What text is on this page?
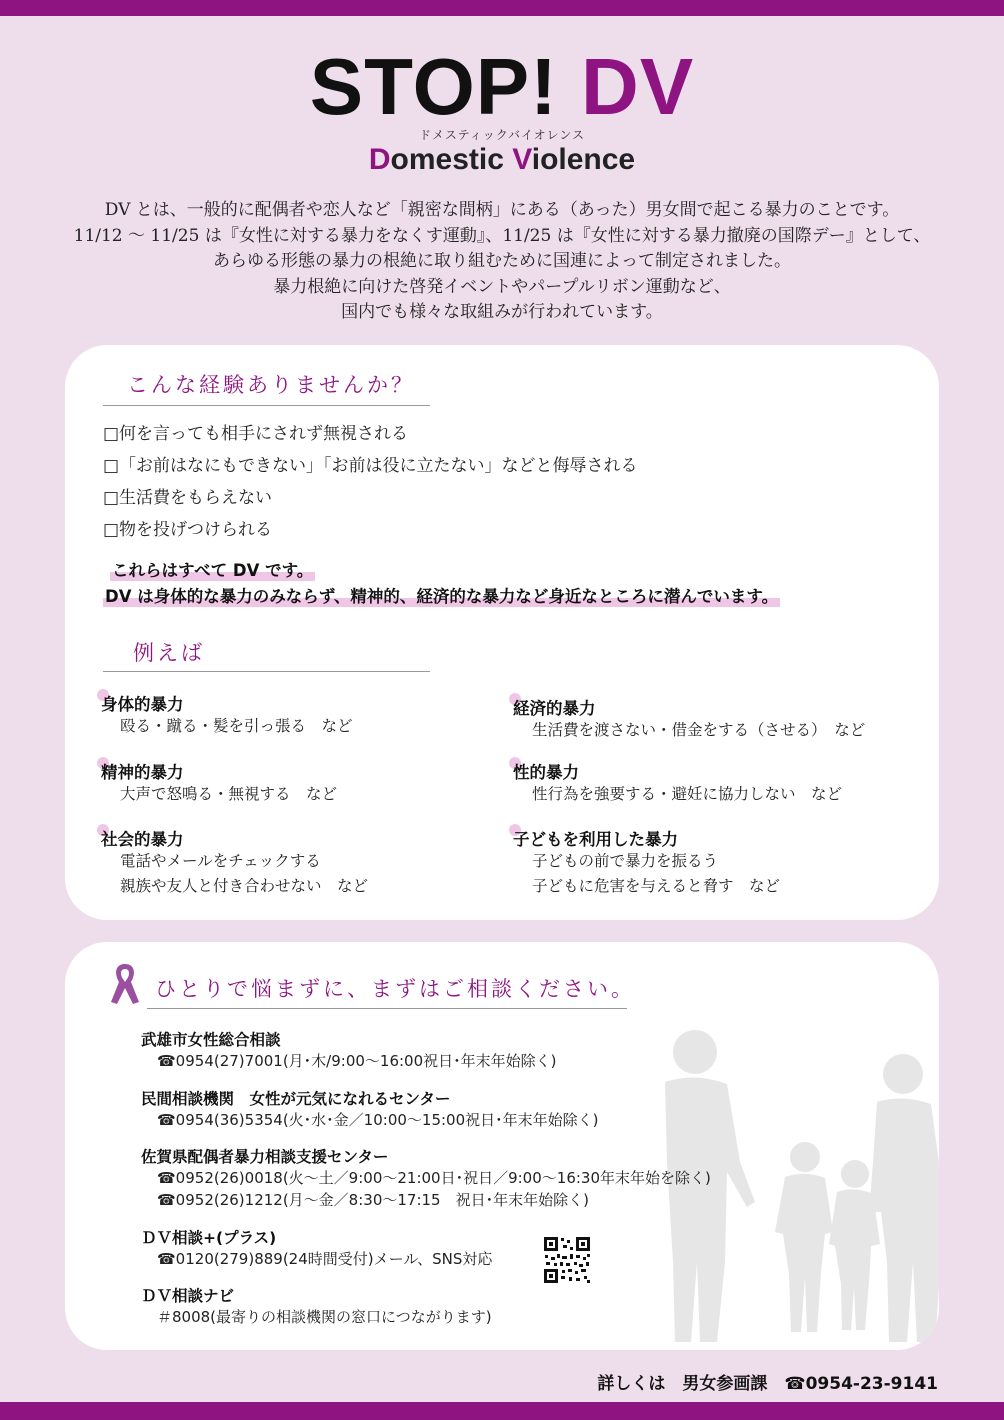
STOP! DV
ドメスティックバイオレンス
Domestic Violence
DV とは、一般的に配偶者や恋人など「親密な間柄」にある（あった）男女間で起こる暴力のことです。
11/12 ～ 11/25 は『女性に対する暴力をなくす運動』、11/25 は『女性に対する暴力撤廃の国際デー』として、
あらゆる形態の暴力の根絶に取り組むために国連によって制定されました。
暴力根絶に向けた啓発イベントやパープルリボン運動など、
国内でも様々な取組みが行われています。
こんな経験ありませんか？
□何を言っても相手にされず無視される
□「お前はなにもできない」「お前は役に立たない」などと侮辱される
□生活費をもらえない
□物を投げつけられる
これらはすべて DV です。
DV は身体的な暴力のみならず、精神的、経済的な暴力など身近なところに潜んでいます。
例えば
身体的暴力
殴る・蹴る・髪を引っ張る　など
精神的暴力
大声で怒鳴る・無視する　など
社会的暴力
電話やメールをチェックする
親族や友人と付き合わせない　など
経済的暴力
生活費を渡さない・借金をする（させる）　など
性的暴力
性行為を強要する・避妊に協力しない　など
子どもを利用した暴力
子どもの前で暴力を振るう
子どもに危害を与えると脅す　など
ひとりで悩まずに、まずはご相談ください。
武雄市女性総合相談
☎0954(27)7001(月･木/9:00～16:00祝日･年末年始除く)
民間相談機関　女性が元気になれるセンター
☎0954(36)5354(火･水･金／10:00～15:00祝日･年末年始除く)
佐賀県配偶者暴力相談支援センター
☎0952(26)0018(火～土／9:00～21:00日･祝日／9:00～16:30年末年始を除く)
☎0952(26)1212(月～金／8:30～17:15　祝日･年末年始除く)
ＤＶ相談+(プラス)
☎0120(279)889(24時間受付)メール、SNS対応
ＤＶ相談ナビ
＃8008(最寄りの相談機関の窓口につながります)
詳しくは　男女参画課　☎0954-23-9141
